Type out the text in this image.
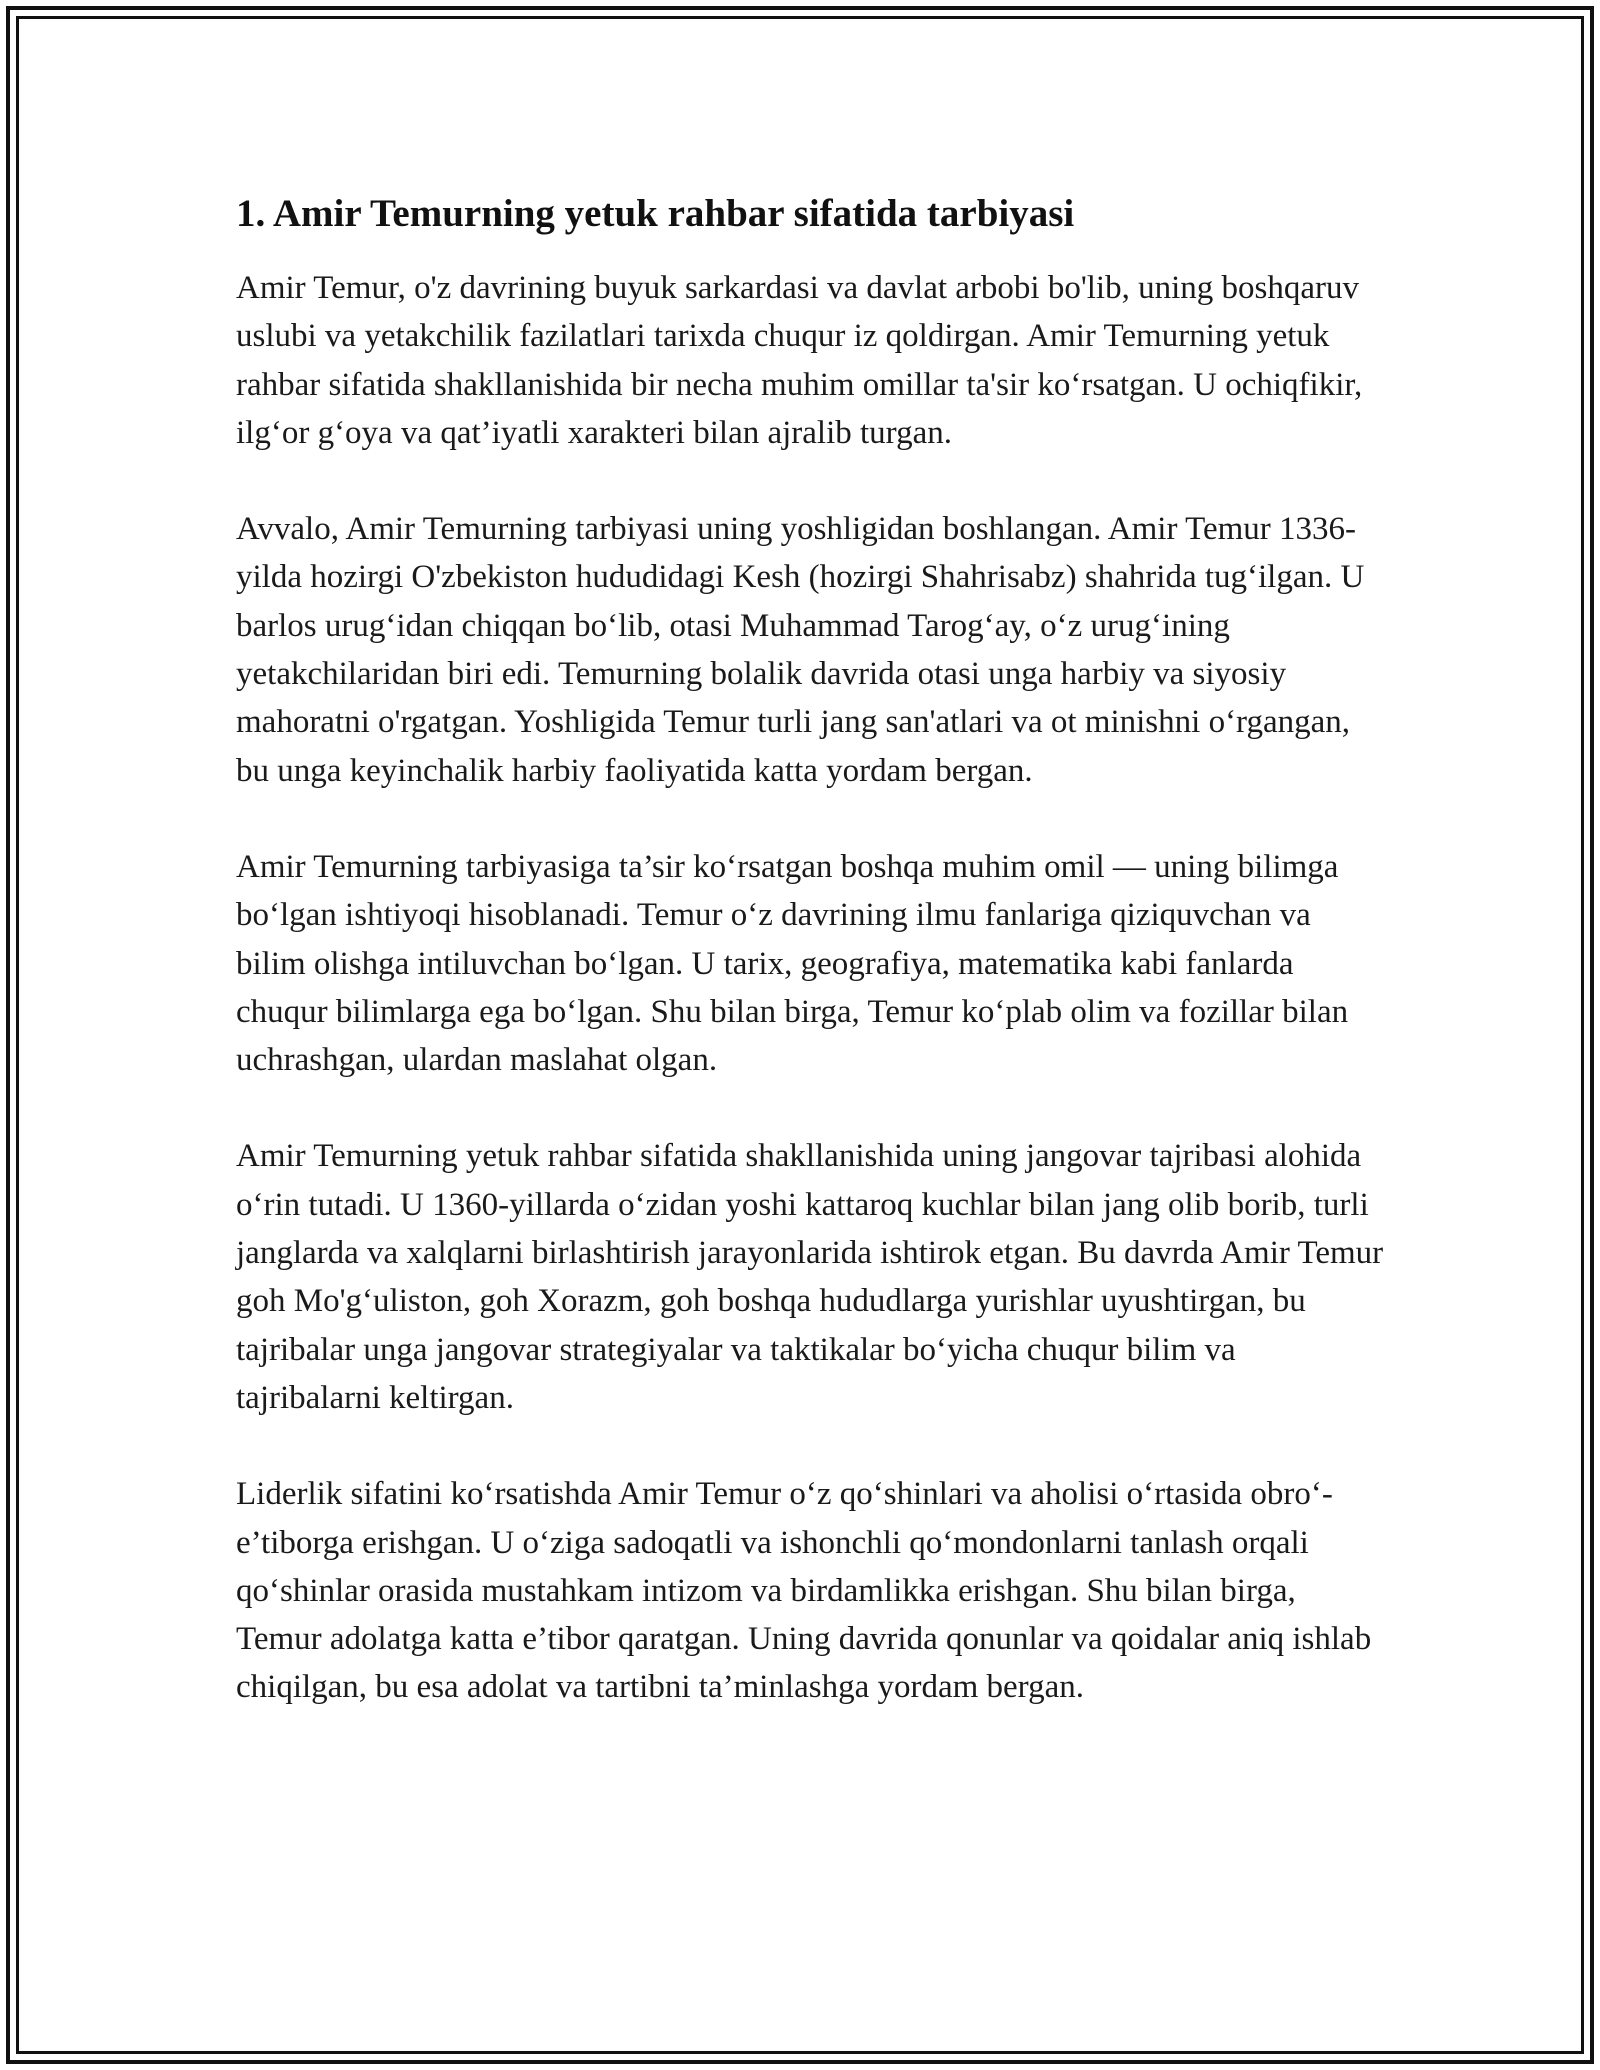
1. Amir Temurning yetuk rahbar sifatida tarbiyasi

Amir Temur, o'z davrining buyuk sarkardasi va davlat arbobi bo'lib, uning boshqaruv uslubi va yetakchilik fazilatlari tarixda chuqur iz qoldirgan. Amir Temurning yetuk rahbar sifatida shakllanishida bir necha muhim omillar ta'sir koʻrsatgan. U ochiqfikir, ilgʻor gʻoya va qat’iyatli xarakteri bilan ajralib turgan.

Avvalo, Amir Temurning tarbiyasi uning yoshligidan boshlangan. Amir Temur 1336-yilda hozirgi O'zbekiston hududidagi Kesh (hozirgi Shahrisabz) shahrida tugʻilgan. U barlos urugʻidan chiqqan boʻlib, otasi Muhammad Tarogʻay, oʻz urugʻining yetakchilaridan biri edi. Temurning bolalik davrida otasi unga harbiy va siyosiy mahoratni o'rgatgan. Yoshligida Temur turli jang san'atlari va ot minishni oʻrgangan, bu unga keyinchalik harbiy faoliyatida katta yordam bergan.

Amir Temurning tarbiyasiga ta’sir koʻrsatgan boshqa muhim omil — uning bilimga boʻlgan ishtiyoqi hisoblanadi. Temur oʻz davrining ilmu fanlariga qiziquvchan va bilim olishga intiluvchan boʻlgan. U tarix, geografiya, matematika kabi fanlarda chuqur bilimlarga ega boʻlgan. Shu bilan birga, Temur koʻplab olim va fozillar bilan uchrashgan, ulardan maslahat olgan.

Amir Temurning yetuk rahbar sifatida shakllanishida uning jangovar tajribasi alohida oʻrin tutadi. U 1360-yillarda oʻzidan yoshi kattaroq kuchlar bilan jang olib borib, turli janglarda va xalqlarni birlashtirish jarayonlarida ishtirok etgan. Bu davrda Amir Temur goh Mo'gʻuliston, goh Xorazm, goh boshqa hududlarga yurishlar uyushtirgan, bu tajribalar unga jangovar strategiyalar va taktikalar boʻyicha chuqur bilim va tajribalarni keltirgan.

Liderlik sifatini koʻrsatishda Amir Temur oʻz qoʻshinlari va aholisi oʻrtasida obroʻ-e’tiborga erishgan. U oʻziga sadoqatli va ishonchli qoʻmondonlarni tanlash orqali qoʻshinlar orasida mustahkam intizom va birdamlikka erishgan. Shu bilan birga, Temur adolatga katta e’tibor qaratgan. Uning davrida qonunlar va qoidalar aniq ishlab chiqilgan, bu esa adolat va tartibni ta’minlashga yordam bergan.
